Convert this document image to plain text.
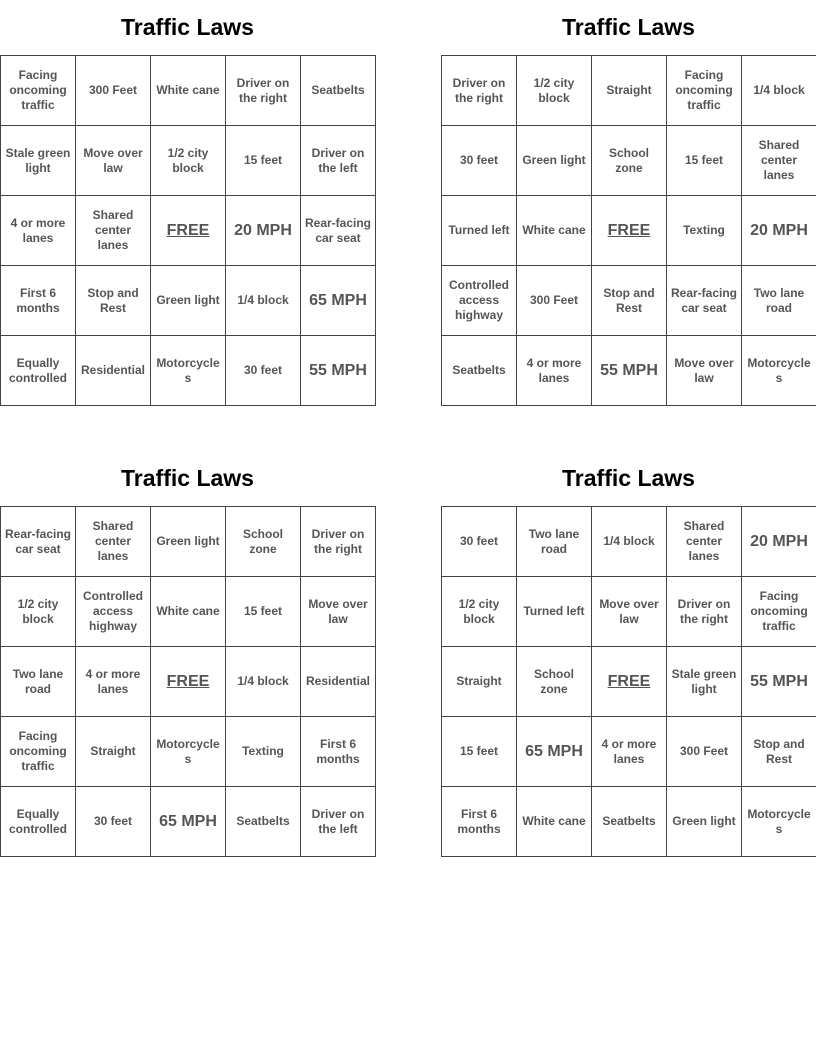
Traffic Laws
Facing oncoming traffic	300 Feet	White cane	Driver on the right	Seatbelts
Stale green light	Move over law	1/2 city block	15 feet	Driver on the left
4 or more lanes	Shared center lanes	FREE	20 MPH	Rear-facing car seat
First 6 months	Stop and Rest	Green light	1/4 block	65 MPH
Equally controlled	Residential	Motorcycles	30 feet	55 MPH
Traffic Laws
Driver on the right	1/2 city block	Straight	Facing oncoming traffic	1/4 block
30 feet	Green light	School zone	15 feet	Shared center lanes
Turned left	White cane	FREE	Texting	20 MPH
Controlled access highway	300 Feet	Stop and Rest	Rear-facing car seat	Two lane road
Seatbelts	4 or more lanes	55 MPH	Move over law	Motorcycles
Traffic Laws
Rear-facing car seat	Shared center lanes	Green light	School zone	Driver on the right
1/2 city block	Controlled access highway	White cane	15 feet	Move over law
Two lane road	4 or more lanes	FREE	1/4 block	Residential
Facing oncoming traffic	Straight	Motorcycles	Texting	First 6 months
Equally controlled	30 feet	65 MPH	Seatbelts	Driver on the left
Traffic Laws
30 feet	Two lane road	1/4 block	Shared center lanes	20 MPH
1/2 city block	Turned left	Move over law	Driver on the right	Facing oncoming traffic
Straight	School zone	FREE	Stale green light	55 MPH
15 feet	65 MPH	4 or more lanes	300 Feet	Stop and Rest
First 6 months	White cane	Seatbelts	Green light	Motorcycles
